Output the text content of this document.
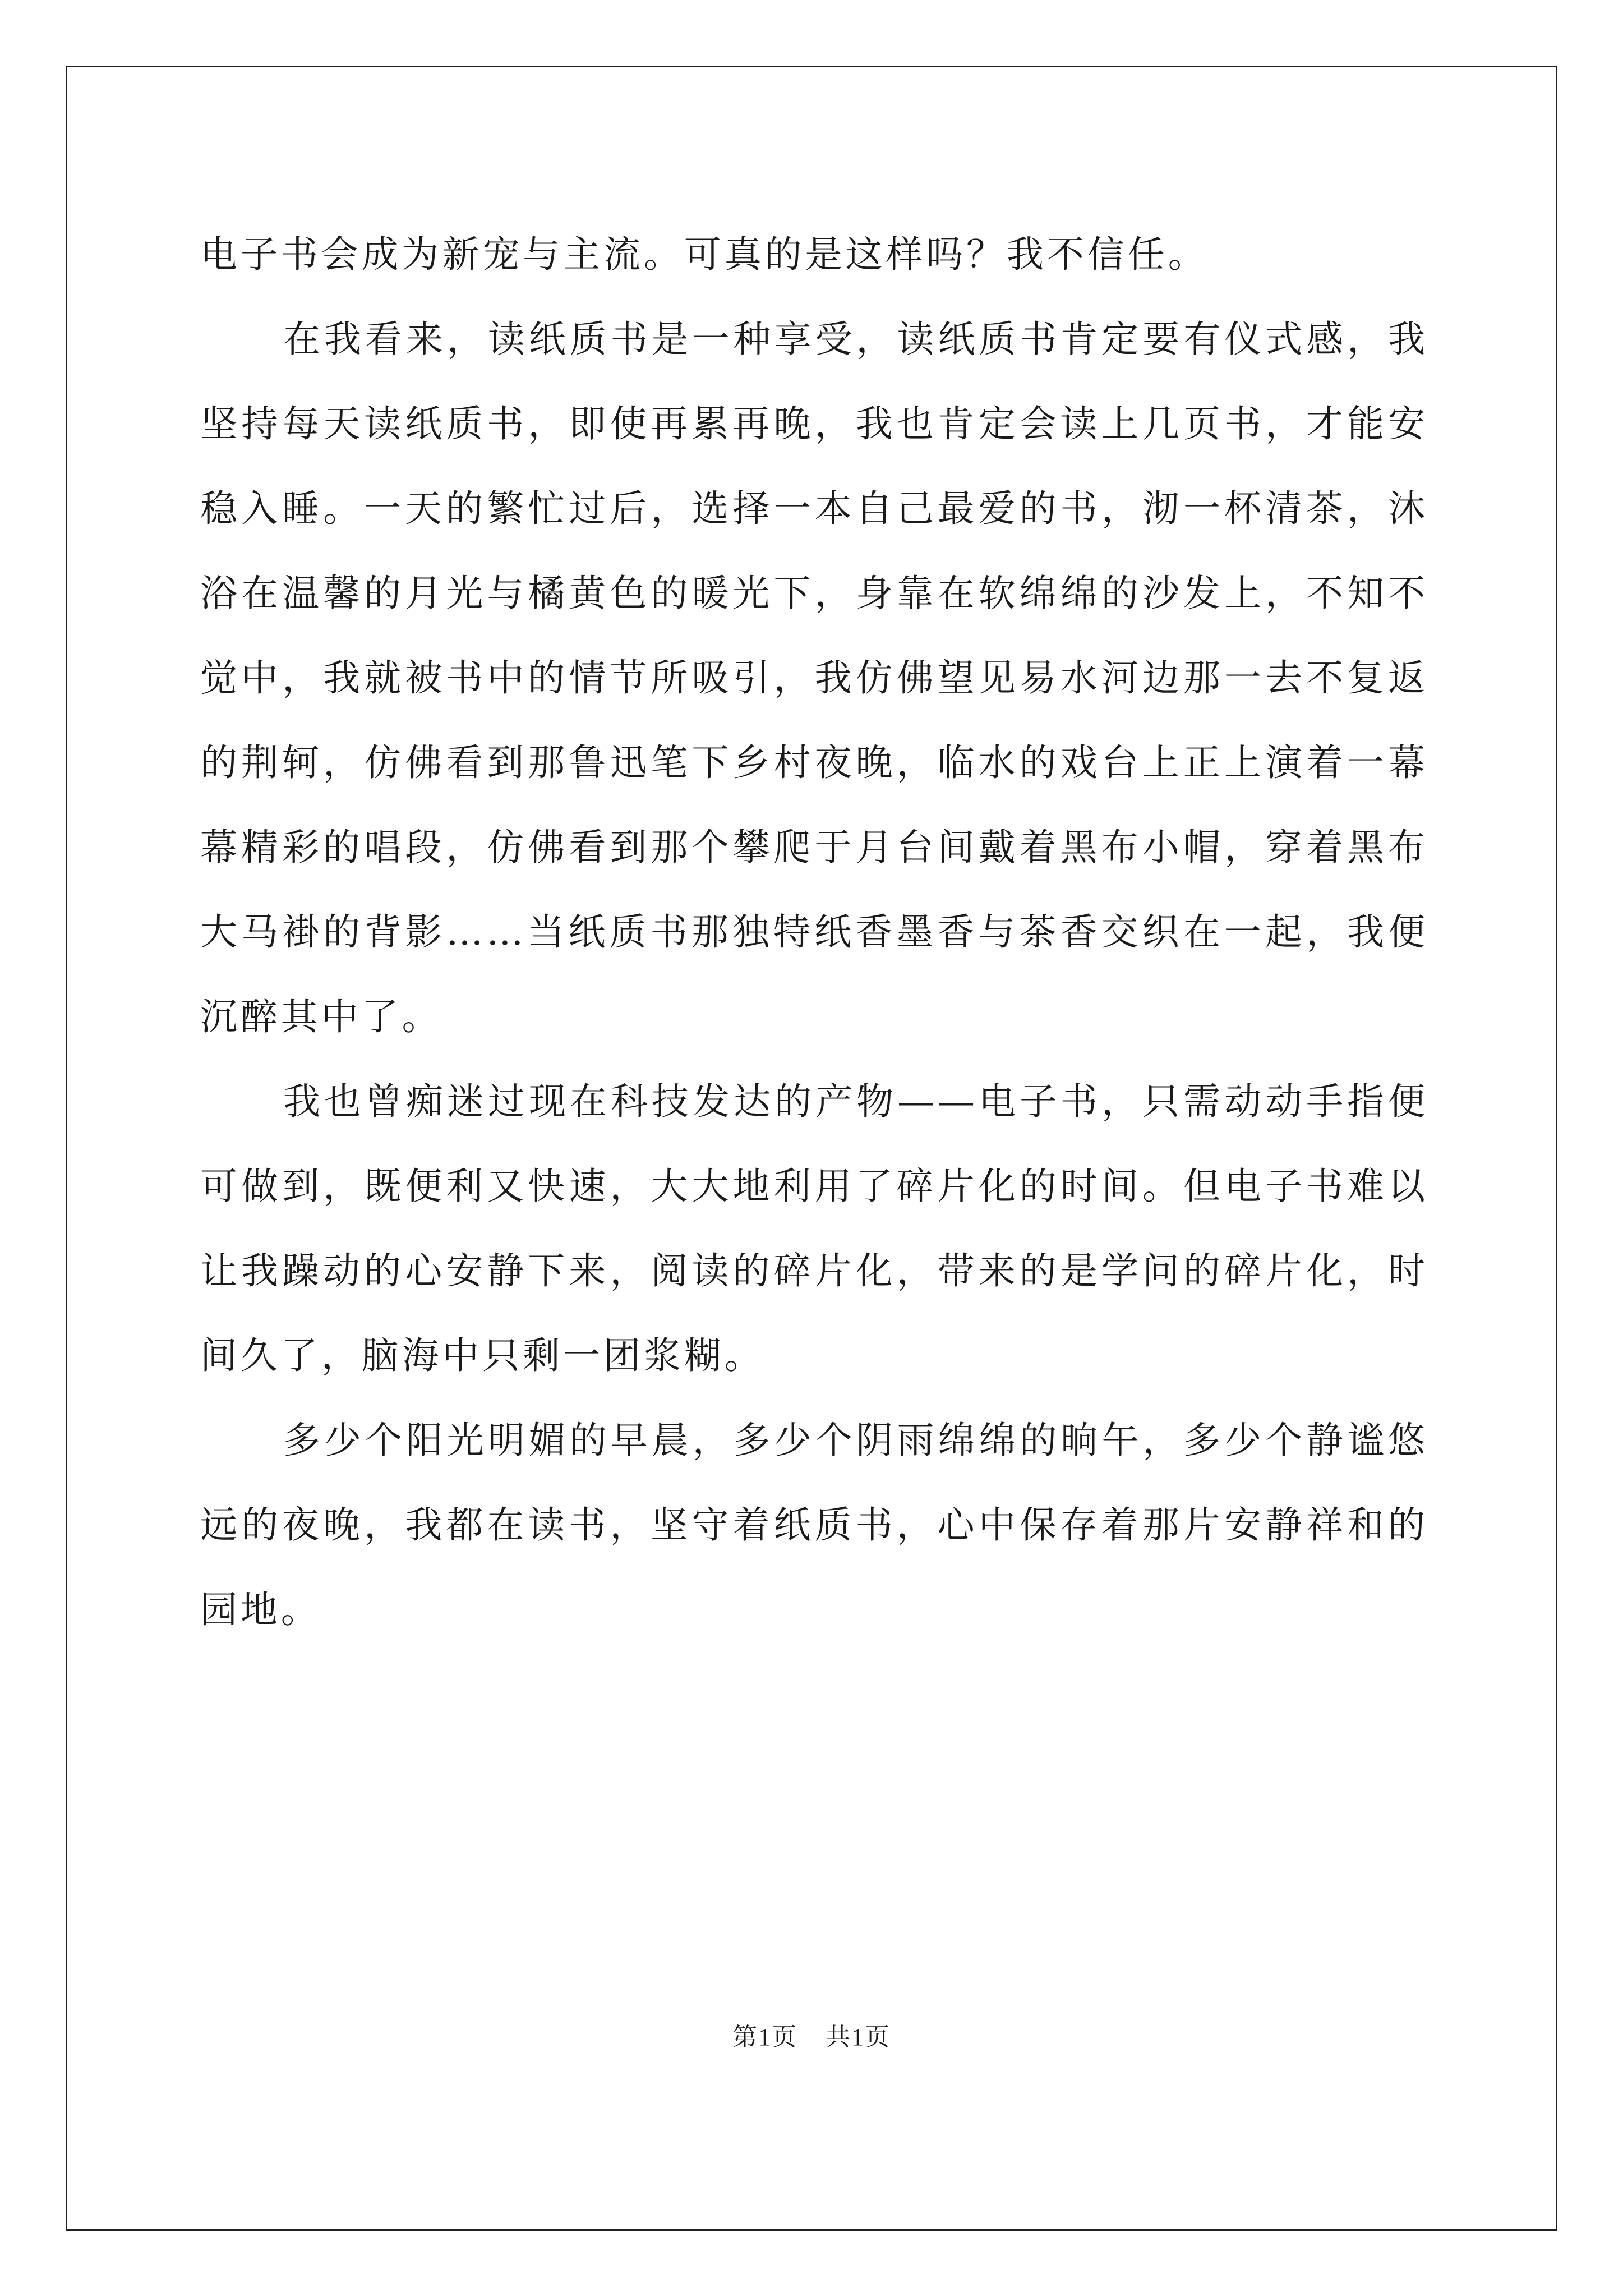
电子书会成为新宠与主流。可真的是这样吗？我不信任。
在我看来，读纸质书是一种享受，读纸质书肯定要有仪式感，我
坚持每天读纸质书，即使再累再晚，我也肯定会读上几页书，才能安
稳入睡。一天的繁忙过后，选择一本自己最爱的书，沏一杯清茶，沐
浴在温馨的月光与橘黄色的暖光下，身靠在软绵绵的沙发上，不知不
觉中，我就被书中的情节所吸引，我仿佛望见易水河边那一去不复返
的荆轲，仿佛看到那鲁迅笔下乡村夜晚，临水的戏台上正上演着一幕
幕精彩的唱段，仿佛看到那个攀爬于月台间戴着黑布小帽，穿着黑布
大马褂的背影……当纸质书那独特纸香墨香与茶香交织在一起，我便
沉醉其中了。
我也曾痴迷过现在科技发达的产物——电子书，只需动动手指便
可做到，既便利又快速，大大地利用了碎片化的时间。但电子书难以
让我躁动的心安静下来，阅读的碎片化，带来的是学问的碎片化，时
间久了，脑海中只剩一团浆糊。
多少个阳光明媚的早晨，多少个阴雨绵绵的晌午，多少个静谧悠
远的夜晚，我都在读书，坚守着纸质书，心中保存着那片安静祥和的
园地。
第1页 共1页
